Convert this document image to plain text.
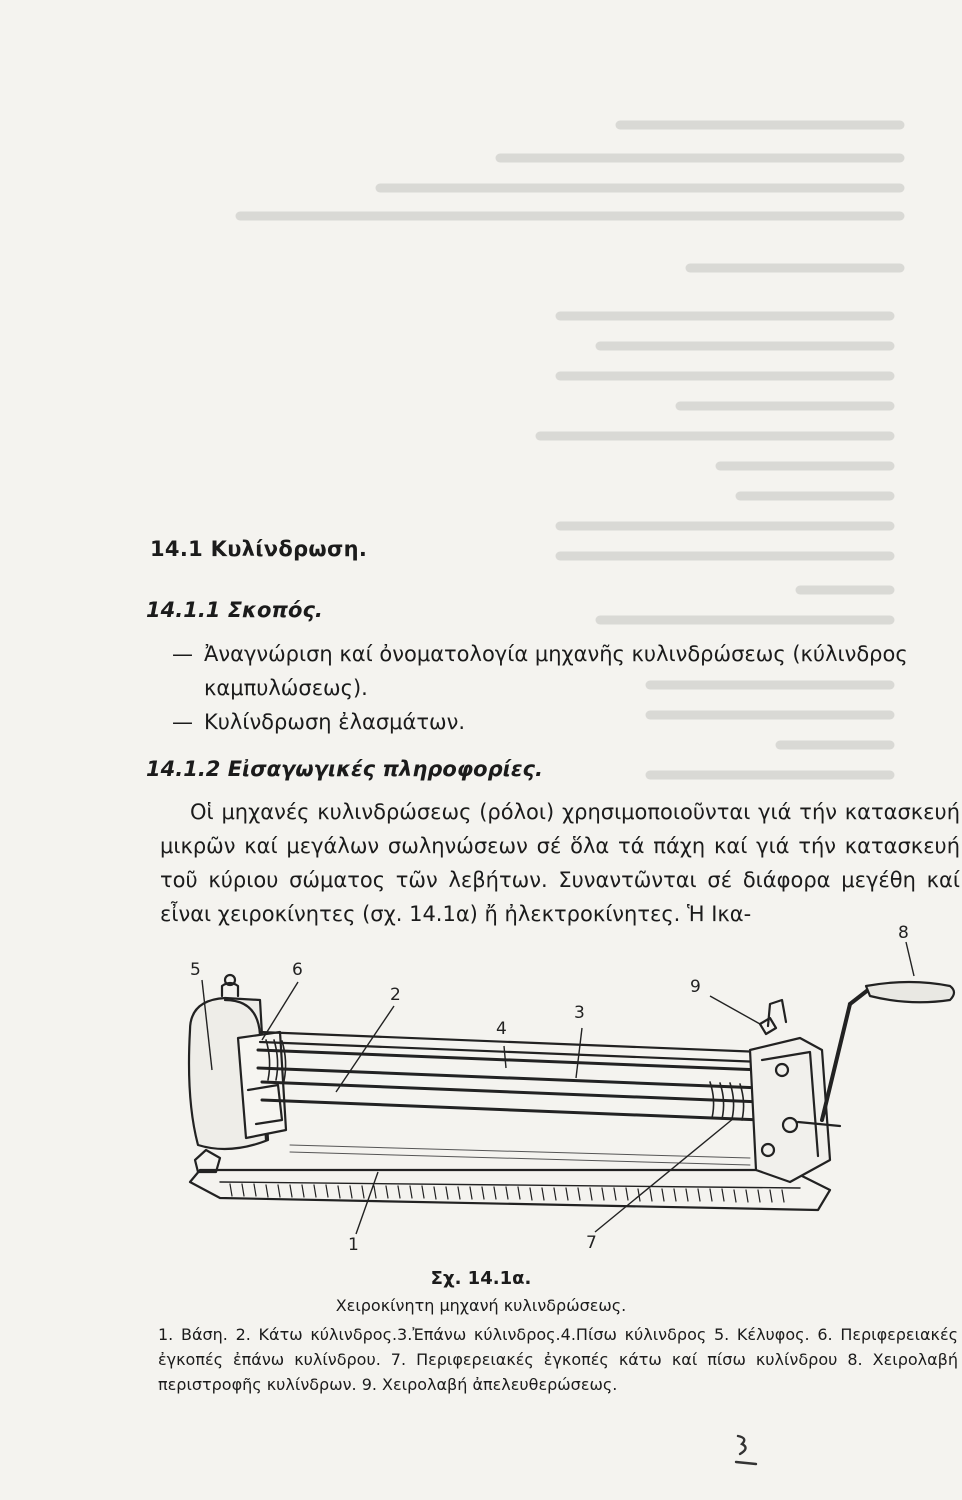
14.1 Κυλίνδρωση.
14.1.1 Σκοπός.
— Ἀναγνώριση καί ὀνοματολογία μηχανῆς κυλινδρώσεως (κύλινδρος καμπυλώσεως).
— Κυλίνδρωση ἐλασμάτων.
14.1.2 Εἰσαγωγικές πληροφορίες.
Οἱ μηχανές κυλινδρώσεως (ρόλοι) χρησιμοποιοῦνται γιά τήν κατασκευή μικρῶν καί μεγάλων σωληνώσεων σέ ὅλα τά πάχη καί γιά τήν κατασκευή τοῦ κύριου σώματος τῶν λεβήτων. Συναντῶνται σέ διάφορα μεγέθη καί εἶναι χειροκίνητες (σχ. 14.1α) ἤ ἠλεκτροκίνητες. Ἡ Ικα-
5	6
2
3
4
1	7
8
9
Σχ. 14.1α.
Χειροκίνητη μηχανή κυλινδρώσεως.
1. Βάση. 2. Κάτω κύλινδρος.3.Ἐπάνω κύλινδρος.4.Πίσω κύλινδρος 5. Κέλυφος. 6. Περιφερειακές ἐγκοπές ἐπάνω κυλίνδρου. 7. Περιφερειακές ἐγκοπές κάτω καί πίσω κυλίνδρου 8. Χειρολαβή περιστροφῆς κυλίνδρων. 9. Χειρολαβή ἀπελευθερώσεως.
